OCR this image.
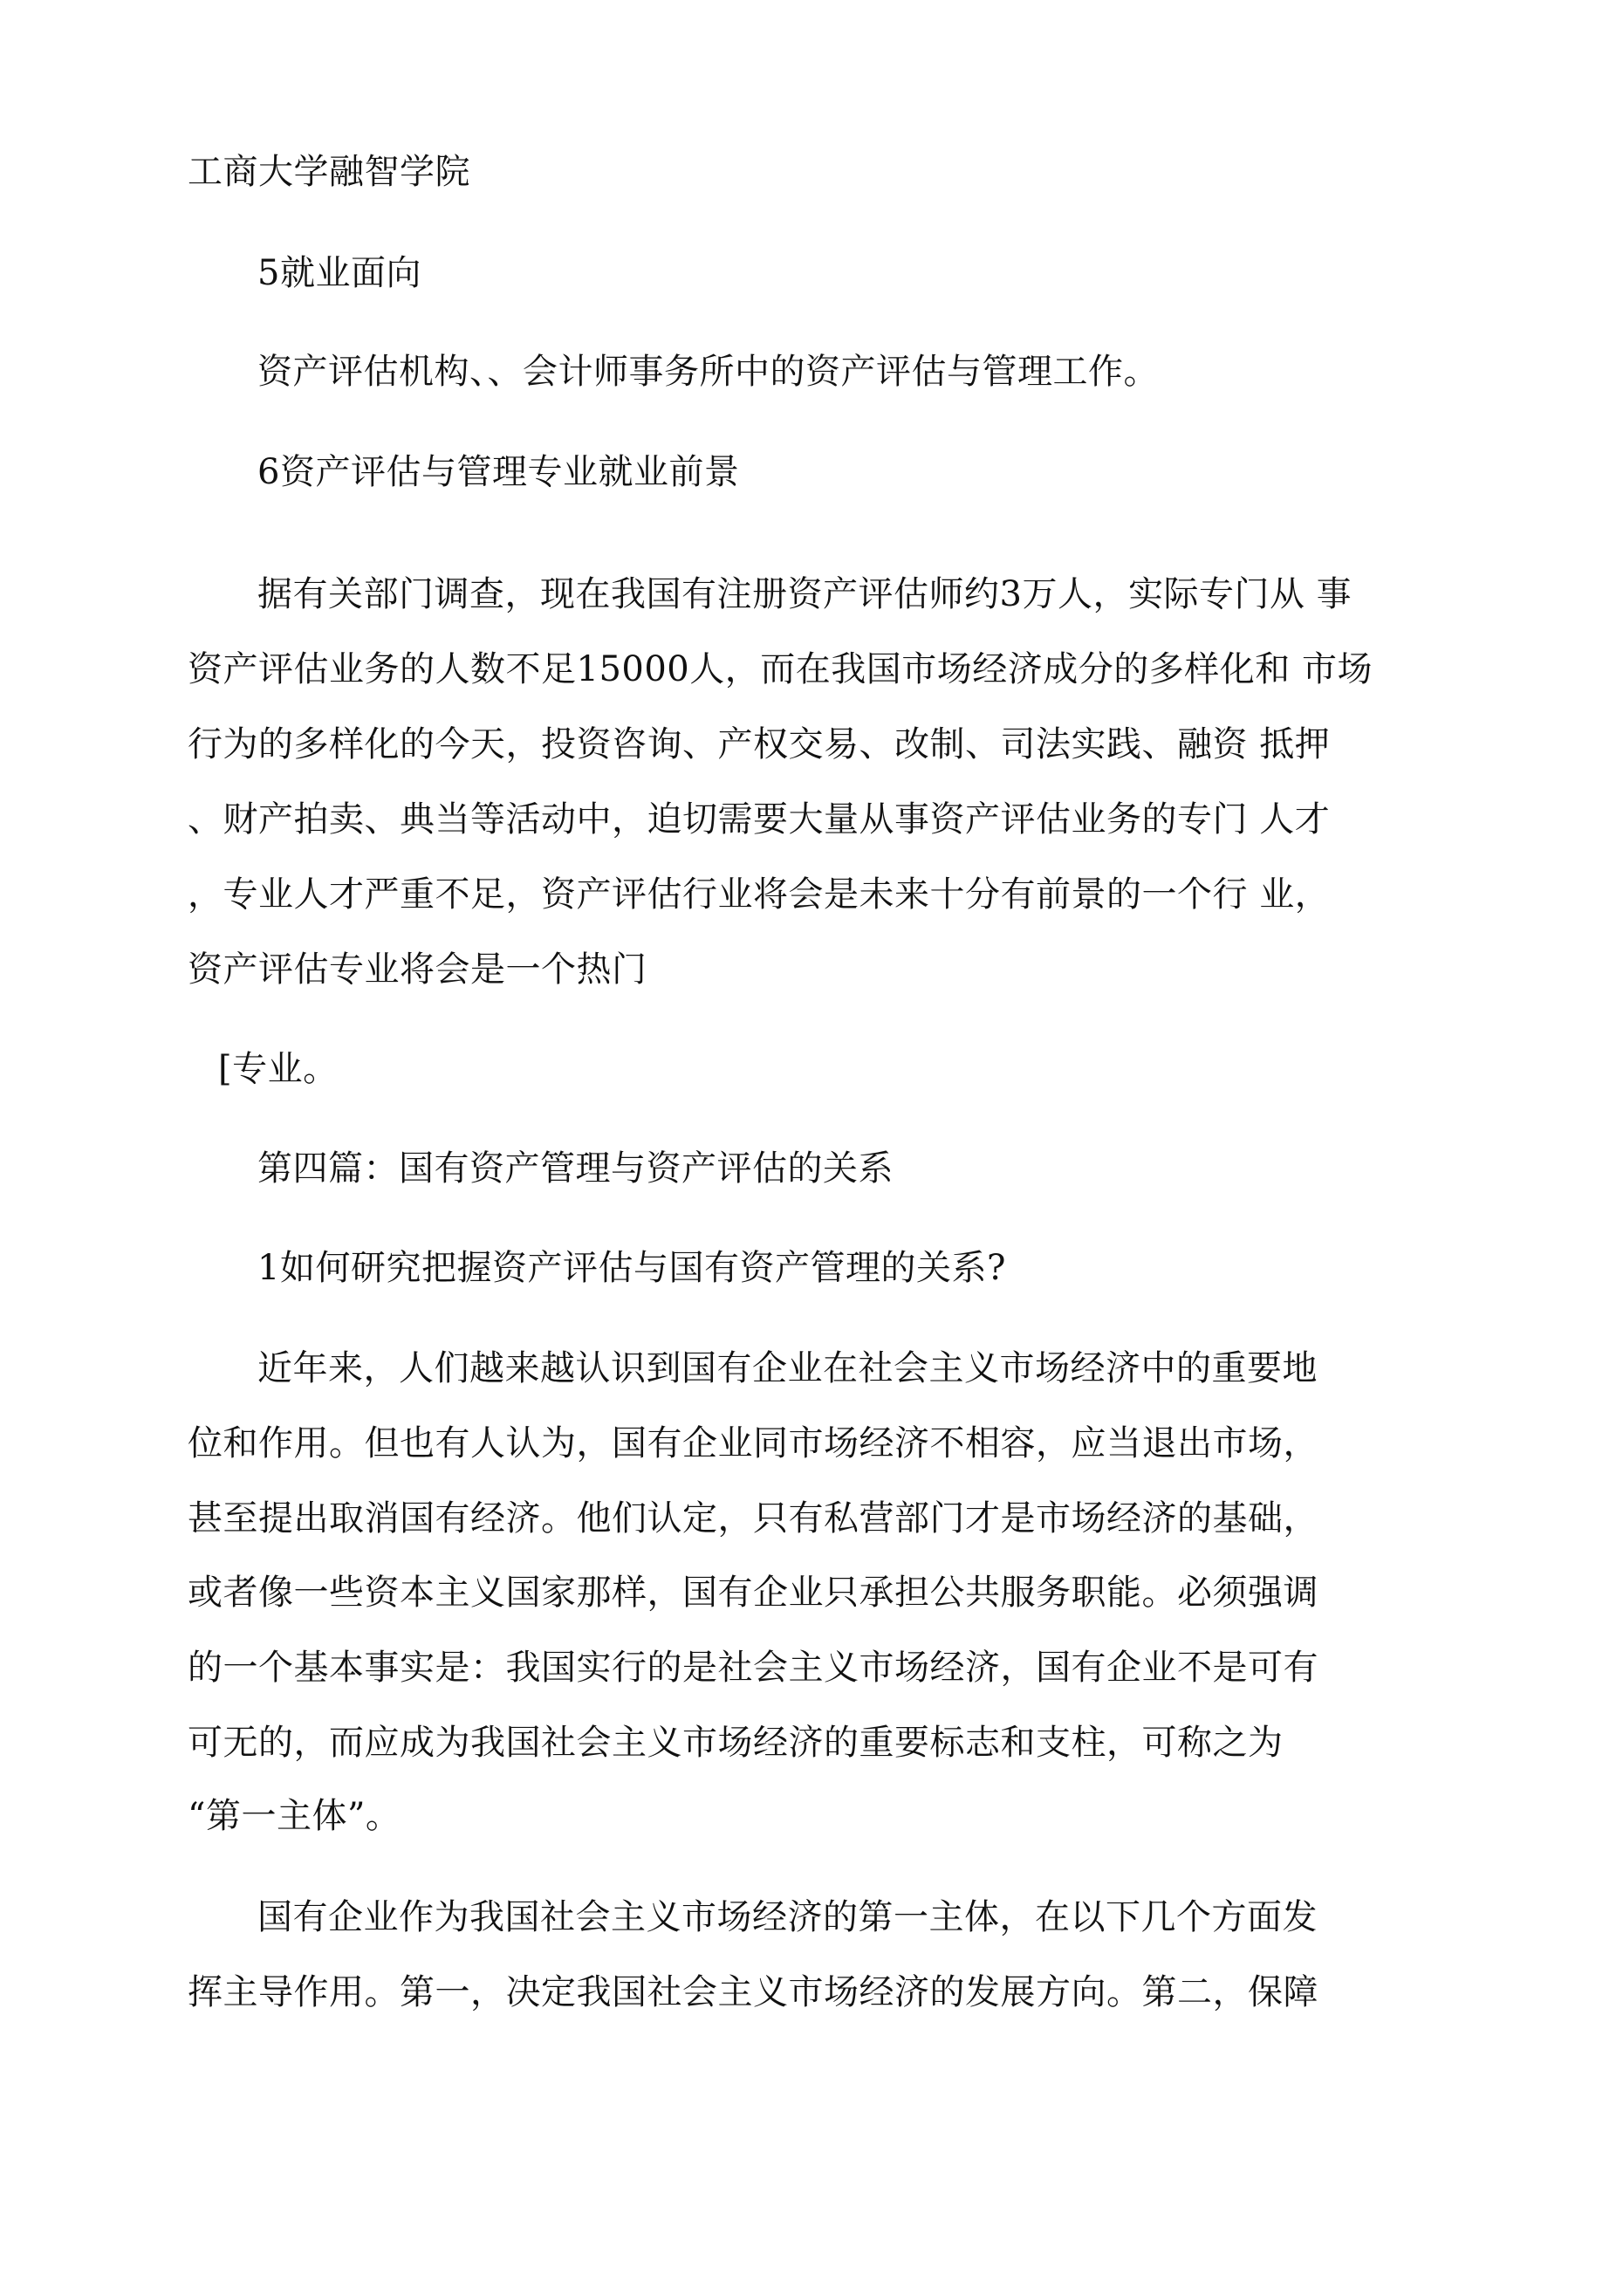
工商大学融智学院
5就业面向
资产评估机构、、会计师事务所中的资产评估与管理工作。
6资产评估与管理专业就业前景
据有关部门调查，现在我国有注册资产评估师约3万人，实际专门从 事
资产评估业务的人数不足15000人，而在我国市场经济成分的多样化和 市场
行为的多样化的今天，投资咨询、产权交易、改制、司法实践、融资 抵押
、财产拍卖、典当等活动中，迫切需要大量从事资产评估业务的专门 人才
，专业人才严重不足，资产评估行业将会是未来十分有前景的一个行 业，
资产评估专业将会是一个热门
[专业。
第四篇：国有资产管理与资产评估的关系
1如何研究把握资产评估与国有资产管理的关系?
近年来，人们越来越认识到国有企业在社会主义市场经济中的重要地
位和作用。但也有人认为，国有企业同市场经济不相容，应当退出市场，
甚至提出取消国有经济。他们认定，只有私营部门才是市场经济的基础，
或者像一些资本主义国家那样，国有企业只承担公共服务职能。必须强调
的一个基本事实是：我国实行的是社会主义市场经济，国有企业不是可有
可无的，而应成为我国社会主义市场经济的重要标志和支柱，可称之为
“第一主体”。
国有企业作为我国社会主义市场经济的第一主体，在以下几个方面发
挥主导作用。第一，决定我国社会主义市场经济的发展方向。第二，保障
